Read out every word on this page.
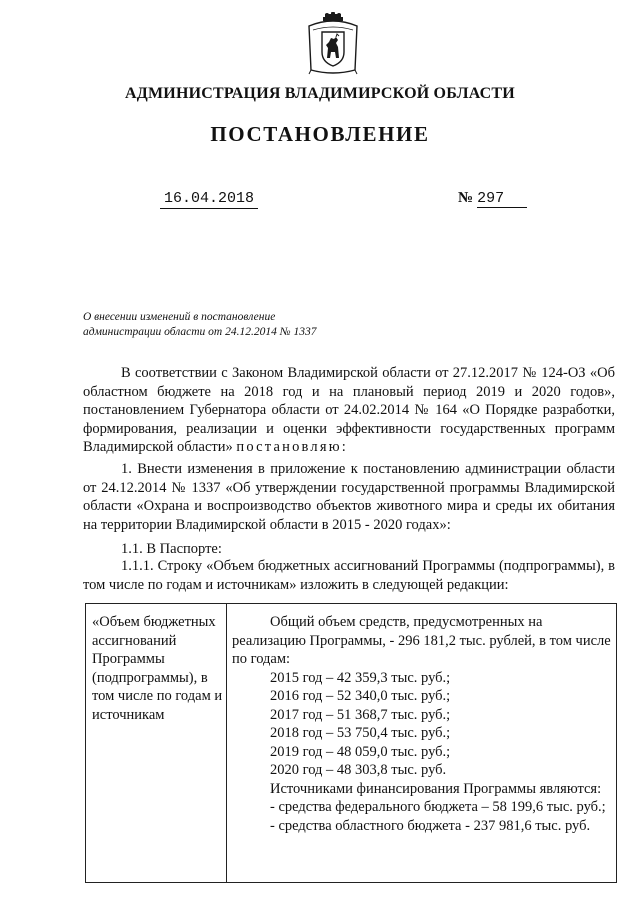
АДМИНИСТРАЦИЯ ВЛАДИМИРСКОЙ ОБЛАСТИ
ПОСТАНОВЛЕНИЕ
16.04.2018	№ 297
О внесении изменений в постановление
администрации области от 24.12.2014 № 1337

В соответствии с Законом Владимирской области от 27.12.2017 № 124-ОЗ «Об областном бюджете на 2018 год и на плановый период 2019 и 2020 годов», постановлением Губернатора области от 24.02.2014 № 164 «О Порядке разработки, формирования, реализации и оценки эффективности государственных программ Владимирской области» постановляю:

1. Внести изменения в приложение к постановлению администрации области от 24.12.2014 № 1337 «Об утверждении государственной программы Владимирской области «Охрана и воспроизводство объектов животного мира и среды их обитания на территории Владимирской области в 2015 - 2020 годах»:

1.1. В Паспорте:

1.1.1. Строку «Объем бюджетных ассигнований Программы (подпрограммы), в том числе по годам и источникам» изложить в следующей редакции:

«Объем бюджетных ассигнований Программы (подпрограммы), в том числе по годам и источникам

Общий объем средств, предусмотренных на реализацию Программы, - 296 181,2 тыс. рублей, в том числе по годам:

2015 год – 42 359,3 тыс. руб.;

2016 год – 52 340,0 тыс. руб.;

2017 год – 51 368,7 тыс. руб.;

2018 год – 53 750,4 тыс. руб.;

2019 год – 48 059,0 тыс. руб.;

2020 год – 48 303,8 тыс. руб.

Источниками финансирования Программы являются:

- средства федерального бюджета – 58 199,6 тыс. руб.;

- средства областного бюджета - 237 981,6 тыс. руб.
